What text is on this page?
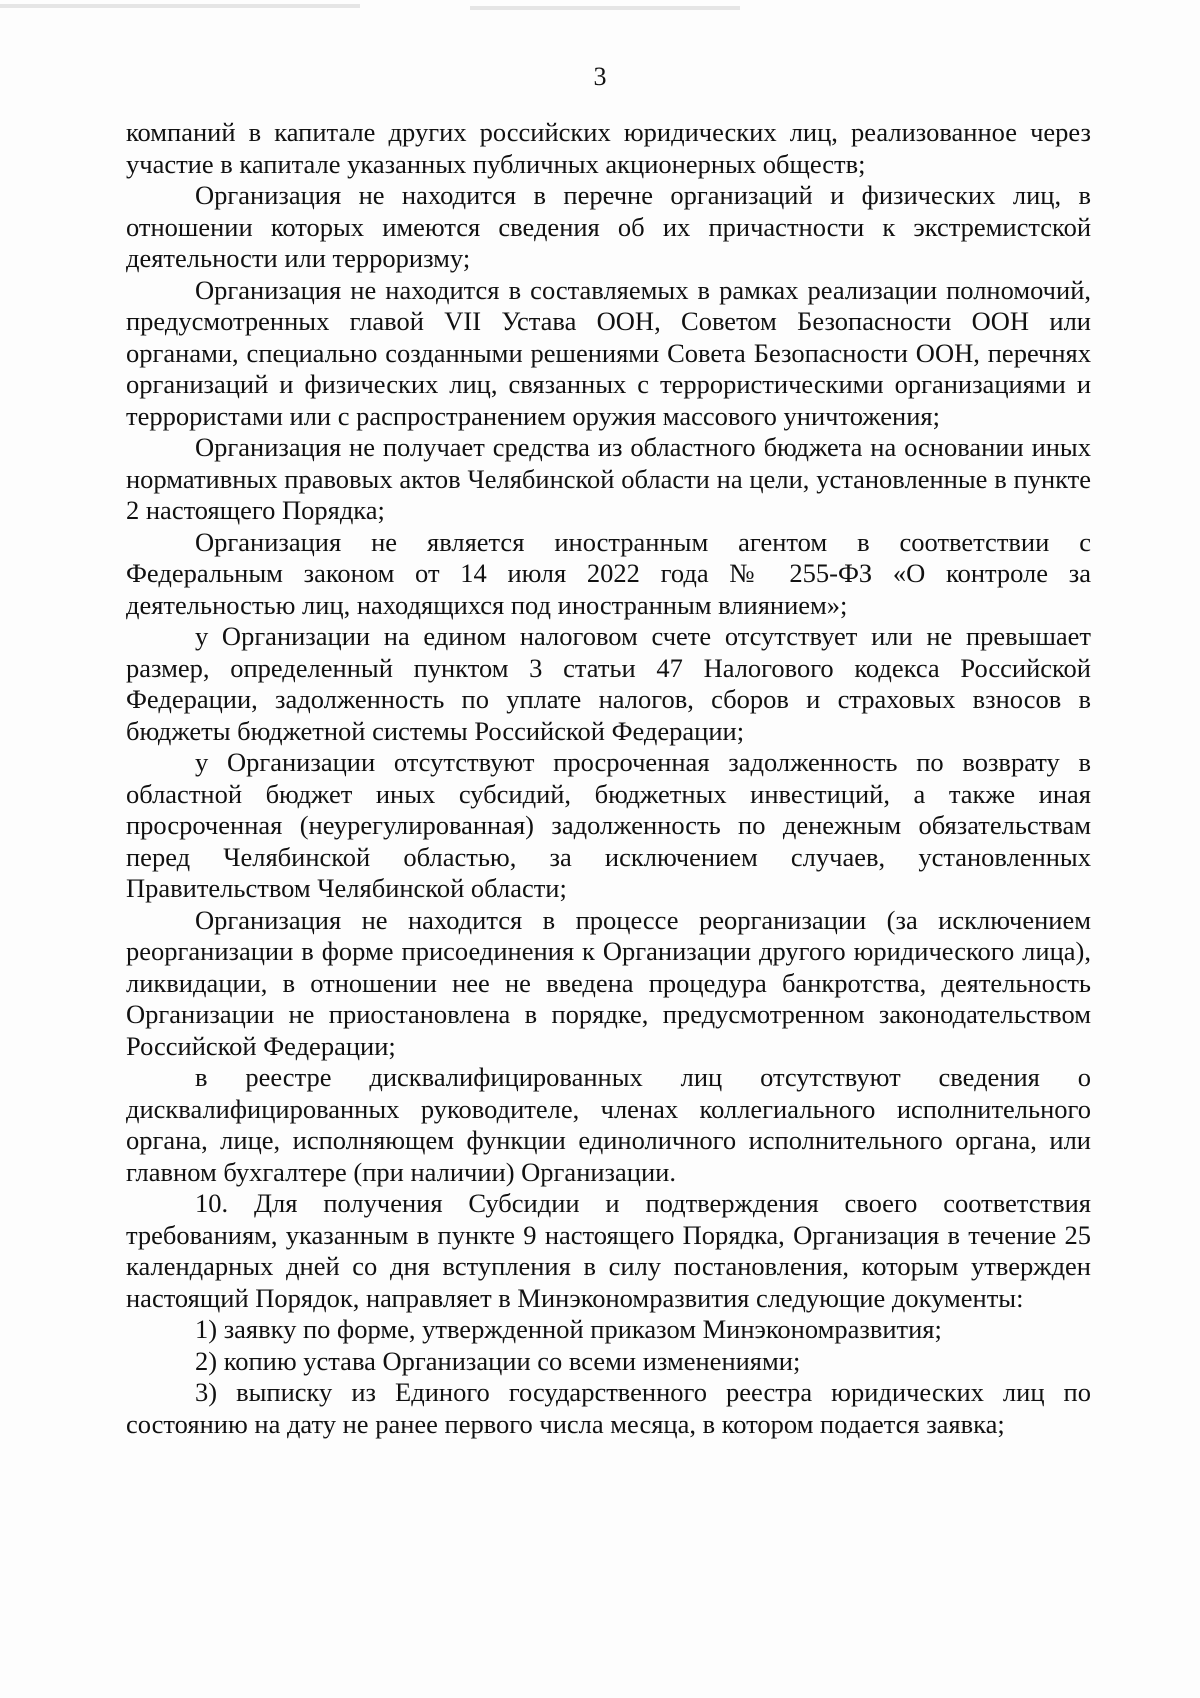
3

компаний в капитале других российских юридических лиц, реализованное через участие в капитале указанных публичных акционерных обществ;

Организация не находится в перечне организаций и физических лиц, в отношении которых имеются сведения об их причастности к экстремистской деятельности или терроризму;

Организация не находится в составляемых в рамках реализации полномочий, предусмотренных главой VII Устава ООН, Советом Безопасности ООН или органами, специально созданными решениями Совета Безопасности ООН, перечнях организаций и физических лиц, связанных с террористическими организациями и террористами или с распространением оружия массового уничтожения;

Организация не получает средства из областного бюджета на основании иных нормативных правовых актов Челябинской области на цели, установленные в пункте 2 настоящего Порядка;

Организация не является иностранным агентом в соответствии с Федеральным законом от 14 июля 2022 года № 255-ФЗ «О контроле за деятельностью лиц, находящихся под иностранным влиянием»;

у Организации на едином налоговом счете отсутствует или не превышает размер, определенный пунктом 3 статьи 47 Налогового кодекса Российской Федерации, задолженность по уплате налогов, сборов и страховых взносов в бюджеты бюджетной системы Российской Федерации;

у Организации отсутствуют просроченная задолженность по возврату в областной бюджет иных субсидий, бюджетных инвестиций, а также иная просроченная (неурегулированная) задолженность по денежным обязательствам перед Челябинской областью, за исключением случаев, установленных Правительством Челябинской области;

Организация не находится в процессе реорганизации (за исключением реорганизации в форме присоединения к Организации другого юридического лица), ликвидации, в отношении нее не введена процедура банкротства, деятельность Организации не приостановлена в порядке, предусмотренном законодательством Российской Федерации;

в реестре дисквалифицированных лиц отсутствуют сведения о дисквалифицированных руководителе, членах коллегиального исполнительного органа, лице, исполняющем функции единоличного исполнительного органа, или главном бухгалтере (при наличии) Организации.

10. Для получения Субсидии и подтверждения своего соответствия требованиям, указанным в пункте 9 настоящего Порядка, Организация в течение 25 календарных дней со дня вступления в силу постановления, которым утвержден настоящий Порядок, направляет в Минэкономразвития следующие документы:

1) заявку по форме, утвержденной приказом Минэкономразвития;

2) копию устава Организации со всеми изменениями;

3) выписку из Единого государственного реестра юридических лиц по состоянию на дату не ранее первого числа месяца, в котором подается заявка;
